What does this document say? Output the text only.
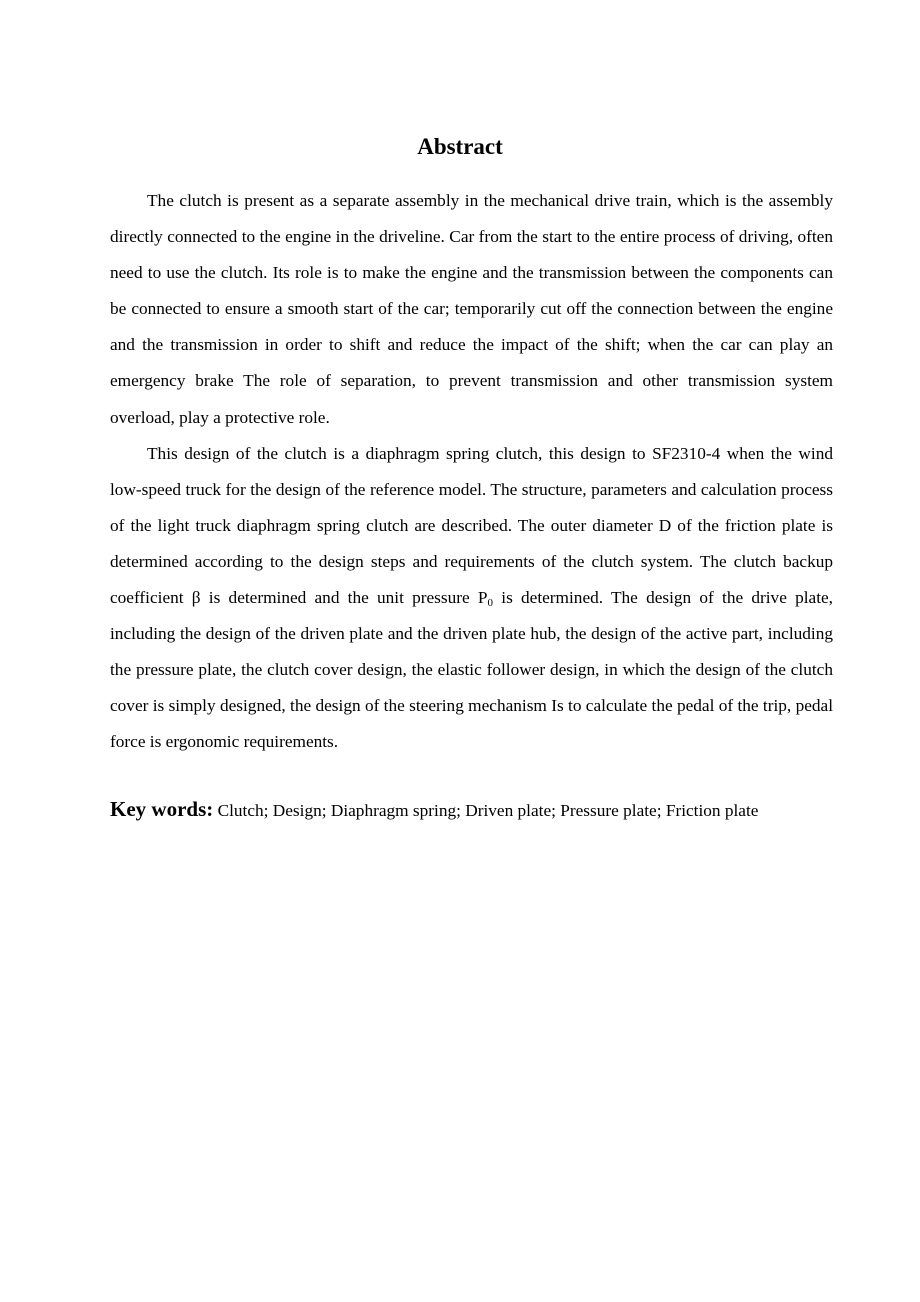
Abstract

The clutch is present as a separate assembly in the mechanical drive train, which is the assembly directly connected to the engine in the driveline. Car from the start to the entire process of driving, often need to use the clutch. Its role is to make the engine and the transmission between the components can be connected to ensure a smooth start of the car; temporarily cut off the connection between the engine and the transmission in order to shift and reduce the impact of the shift; when the car can play an emergency brake The role of separation, to prevent transmission and other transmission system overload, play a protective role.

This design of the clutch is a diaphragm spring clutch, this design to SF2310-4 when the wind low-speed truck for the design of the reference model. The structure, parameters and calculation process of the light truck diaphragm spring clutch are described. The outer diameter D of the friction plate is determined according to the design steps and requirements of the clutch system. The clutch backup coefficient β is determined and the unit pressure $P_0$ is determined. The design of the drive plate, including the design of the driven plate and the driven plate hub, the design of the active part, including the pressure plate, the clutch cover design, the elastic follower design, in which the design of the clutch cover is simply designed, the design of the steering mechanism Is to calculate the pedal of the trip, pedal force is ergonomic requirements.

Key words: Clutch; Design; Diaphragm spring; Driven plate; Pressure plate; Friction plate
